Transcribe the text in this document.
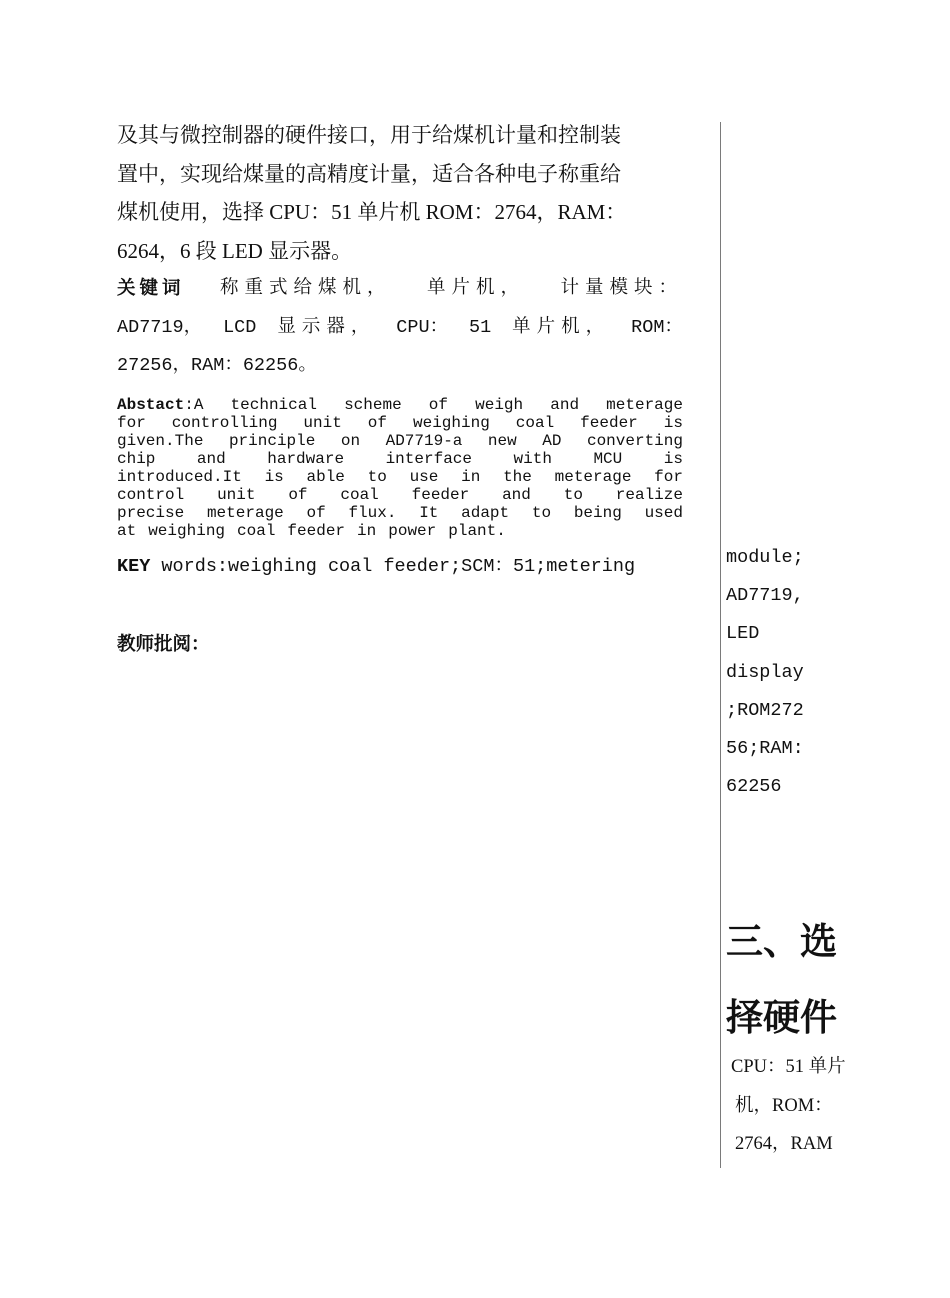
及其与微控制器的硬件接口，用于给煤机计量和控制装
置中，实现给煤量的高精度计量，适合各种电子称重给
煤机使用，选择 CPU：51 单片机 ROM：2764，RAM：
6264，6 段 LED 显示器。
关键词 称重式给煤机， 单片机， 计量模块：
AD7719， LCD 显示器， CPU： 51 单片机， ROM：
27256，RAM：62256。
Abstact:A technical scheme of weigh and meterage
for controlling unit of weighing coal feeder is
given.The principle on AD7719-a new AD converting
chip	and	hardware	interface	with	MCU	is
introduced.It is able to use in the meterage for
control unit of coal feeder and to realize
precise meterage of flux. It adapt to being used
at weighing coal feeder in power plant.
KEY words:weighing coal feeder;SCM：51;metering
教师批阅：
module;
AD7719,
LED
display
;ROM272
56;RAM:
62256
三、选
择硬件
CPU：51 单片
机，ROM：
2764，RAM
